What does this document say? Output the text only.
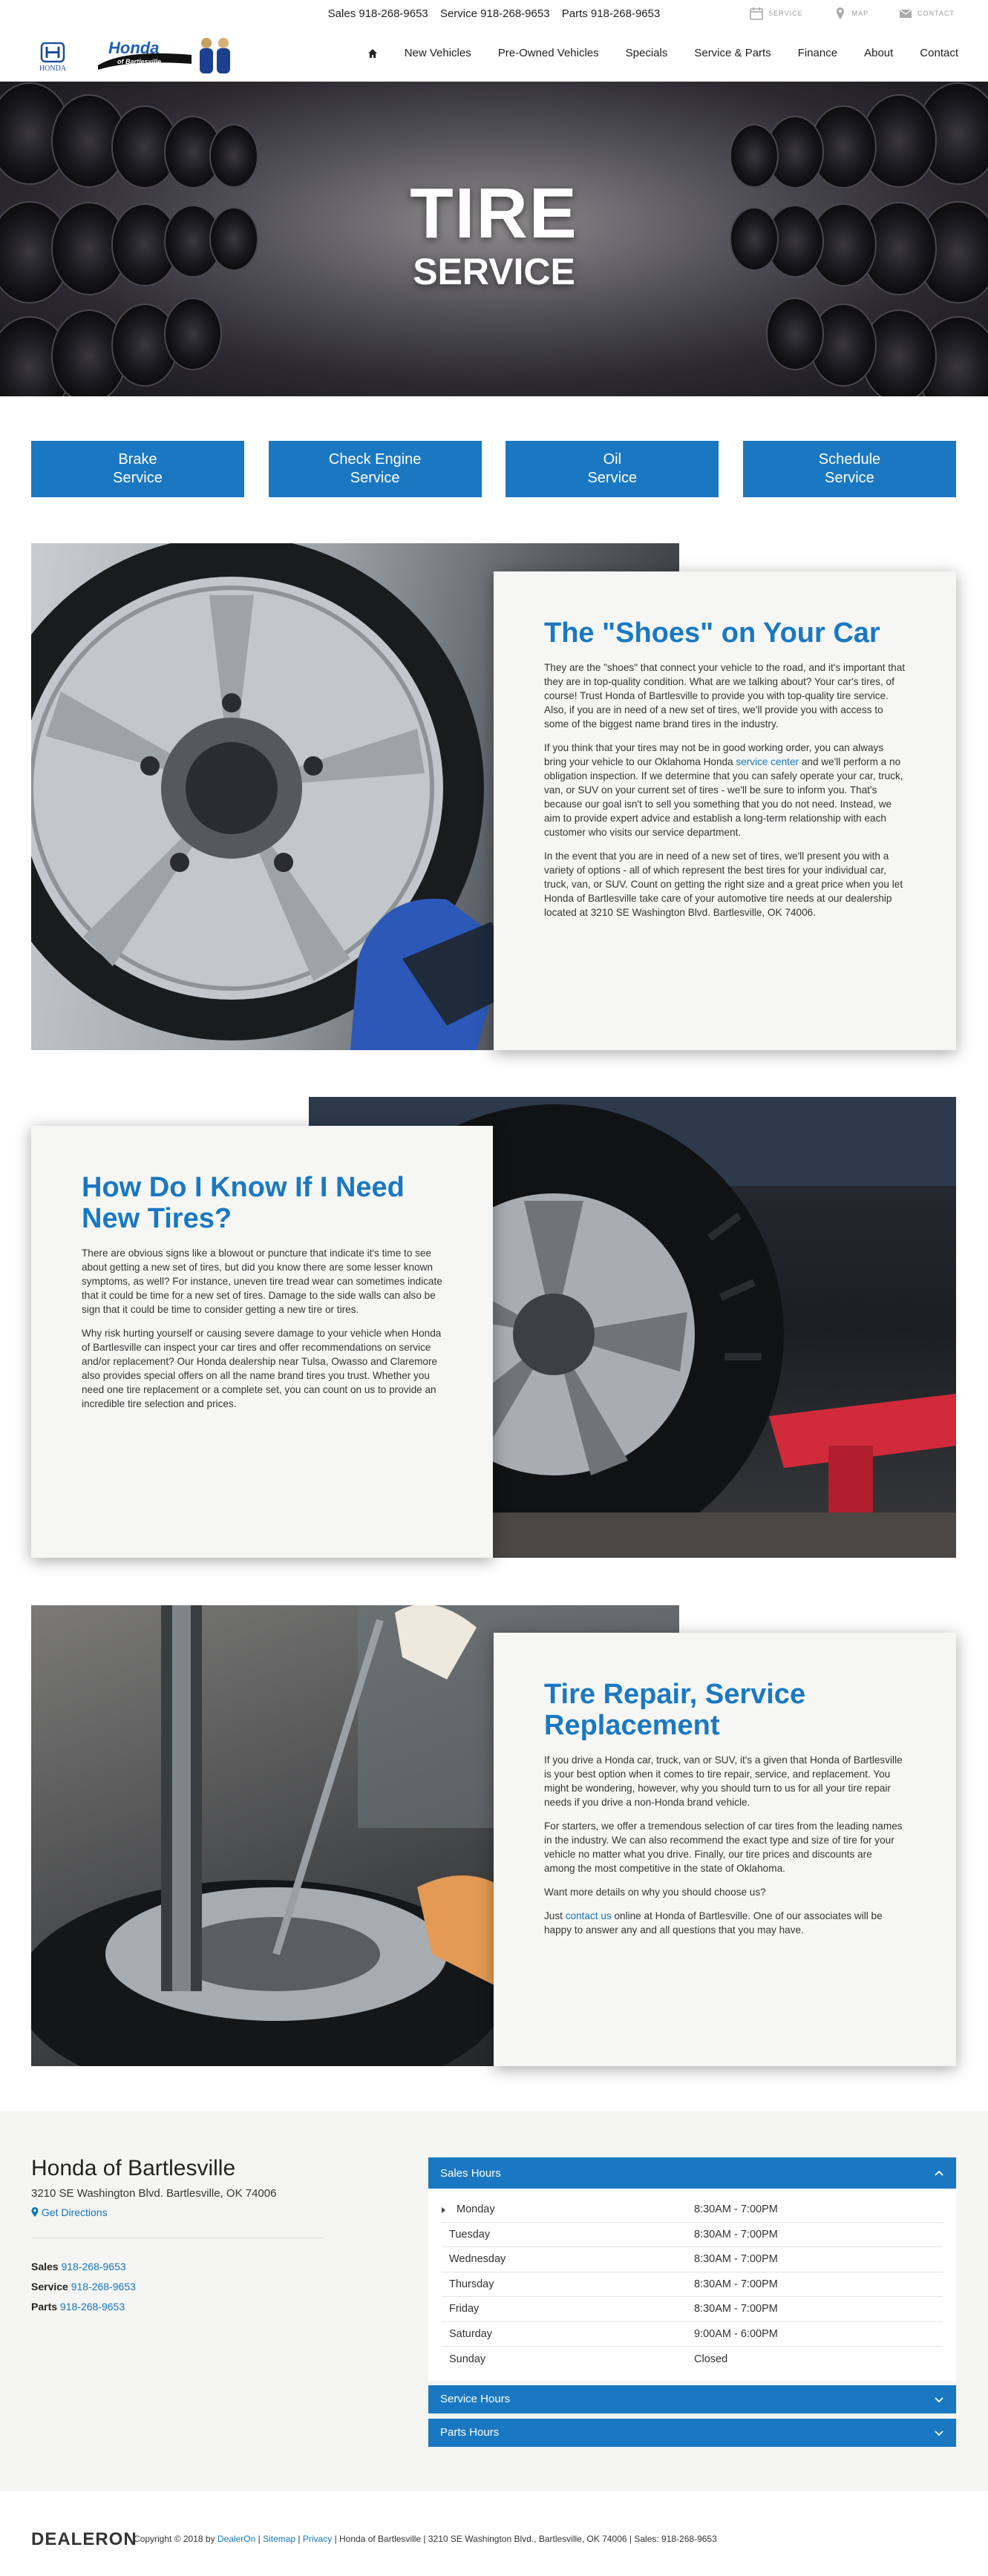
Sales 918-268-9653 Service 918-268-9653 Parts 918-268-9653	SERVICE	MAP	CONTACT
HONDA
Honda
of Bartlesville
New Vehicles Pre-Owned Vehicles Specials Service & Parts Finance About Contact
TIRE
SERVICE
Brake
Service
Check Engine
Service
Oil
Service
Schedule
Service
The "Shoes" on Your Car

They are the "shoes" that connect your vehicle to the road, and it's important that they are in top-quality condition. What are we talking about? Your car's tires, of course! Trust Honda of Bartlesville to provide you with top-quality tire service. Also, if you are in need of a new set of tires, we'll provide you with access to some of the biggest name brand tires in the industry.

If you think that your tires may not be in good working order, you can always bring your vehicle to our Oklahoma Honda service center and we'll perform a no obligation inspection. If we determine that you can safely operate your car, truck, van, or SUV on your current set of tires - we'll be sure to inform you. That's because our goal isn't to sell you something that you do not need. Instead, we aim to provide expert advice and establish a long-term relationship with each customer who visits our service department.

In the event that you are in need of a new set of tires, we'll present you with a variety of options - all of which represent the best tires for your individual car, truck, van, or SUV. Count on getting the right size and a great price when you let Honda of Bartlesville take care of your automotive tire needs at our dealership located at 3210 SE Washington Blvd. Bartlesville, OK 74006.

How Do I Know If I Need New Tires?

There are obvious signs like a blowout or puncture that indicate it's time to see about getting a new set of tires, but did you know there are some lesser known symptoms, as well? For instance, uneven tire tread wear can sometimes indicate that it could be time for a new set of tires. Damage to the side walls can also be sign that it could be time to consider getting a new tire or tires.

Why risk hurting yourself or causing severe damage to your vehicle when Honda of Bartlesville can inspect your car tires and offer recommendations on service and/or replacement? Our Honda dealership near Tulsa, Owasso and Claremore also provides special offers on all the name brand tires you trust. Whether you need one tire replacement or a complete set, you can count on us to provide an incredible tire selection and prices.

Tire Repair, Service Replacement

If you drive a Honda car, truck, van or SUV, it's a given that Honda of Bartlesville is your best option when it comes to tire repair, service, and replacement. You might be wondering, however, why you should turn to us for all your tire repair needs if you drive a non-Honda brand vehicle.

For starters, we offer a tremendous selection of car tires from the leading names in the industry. We can also recommend the exact type and size of tire for your vehicle no matter what you drive. Finally, our tire prices and discounts are among the most competitive in the state of Oklahoma.

Want more details on why you should choose us?

Just contact us online at Honda of Bartlesville. One of our associates will be happy to answer any and all questions that you may have.

Honda of Bartlesville
3210 SE Washington Blvd. Bartlesville, OK 74006
Get Directions
Sales 918-268-9653
Service 918-268-9653
Parts 918-268-9653
Sales Hours
Monday	8:30AM - 7:00PM
Tuesday	8:30AM - 7:00PM
Wednesday	8:30AM - 7:00PM
Thursday	8:30AM - 7:00PM
Friday	8:30AM - 7:00PM
Saturday	9:00AM - 6:00PM
Sunday	Closed
Service Hours
Parts Hours
DEALERON
Copyright © 2018 by DealerOn | Sitemap | Privacy | Honda of Bartlesville | 3210 SE Washington Blvd., Bartlesville, OK 74006 | Sales: 918-268-9653
